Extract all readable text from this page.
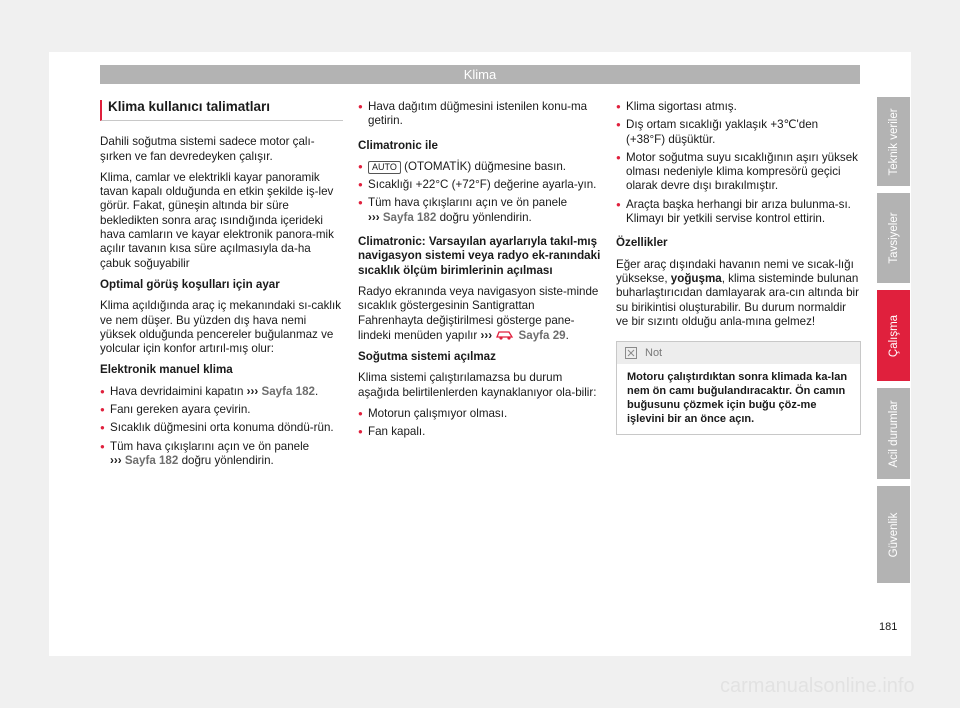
Klima
Klima kullanıcı talimatları

Dahili soğutma sistemi sadece motor çalı-şırken ve fan devredeyken çalışır.

Klima, camlar ve elektrikli kayar panoramik tavan kapalı olduğunda en etkin şekilde iş-lev görür. Fakat, güneşin altında bir süre bekledikten sonra araç ısındığında içerideki hava camların ve kayar elektronik panora-mik açılır tavanın kısa süre açılmasıyla da-ha çabuk soğuyabilir

Optimal görüş koşulları için ayar

Klima açıldığında araç iç mekanındaki sı-caklık ve nem düşer. Bu yüzden dış hava nemi yüksek olduğunda pencereler buğulanmaz ve yolcular için konfor artırıl-mış olur:

Elektronik manuel klima

● Hava devridaimini kapatın ››› Sayfa 182.
● Fanı gereken ayara çevirin.
● Sıcaklık düğmesini orta konuma döndü-rün.
● Tüm hava çıkışlarını açın ve ön panele
››› Sayfa 182 doğru yönlendirin.
● Hava dağıtım düğmesini istenilen konu-ma getirin.

Climatronic ile

● AUTO (OTOMATİK) düğmesine basın.
● Sıcaklığı +22°C (+72°F) değerine ayarla-yın.
● Tüm hava çıkışlarını açın ve ön panele
››› Sayfa 182 doğru yönlendirin.

Climatronic: Varsayılan ayarlarıyla takıl-mış navigasyon sistemi veya radyo ek-ranındaki sıcaklık ölçüm birimlerinin açılması

Radyo ekranında veya navigasyon siste-minde sıcaklık göstergesinin Santigrattan Fahrenhayta değiştirilmesi gösterge pane-lindeki menüden yapılır ››› Sayfa 29.

Soğutma sistemi açılmaz

Klima sistemi çalıştırılamazsa bu durum aşağıda belirtilenlerden kaynaklanıyor ola-bilir:

● Motorun çalışmıyor olması.
● Fan kapalı.
● Klima sigortası atmış.
● Dış ortam sıcaklığı yaklaşık +3℃'den (+38°F) düşüktür.
● Motor soğutma suyu sıcaklığının aşırı yüksek olması nedeniyle klima kompresörü geçici olarak devre dışı bırakılmıştır.
● Araçta başka herhangi bir arıza bulunma-sı. Klimayı bir yetkili servise kontrol ettirin.

Özellikler

Eğer araç dışındaki havanın nemi ve sıcak-lığı yüksekse, yoğuşma, klima sisteminde bulunan buharlaştırıcıdan damlayarak ara-cın altında bir su birikintisi oluşturabilir. Bu durum normaldir ve bir sızıntı olduğu anla-mına gelmez!

Not
Motoru çalıştırdıktan sonra klimada ka-lan nem ön camı buğulandıracaktır. Ön camın buğusunu çözmek için buğu çöz-me işlevini bir an önce açın.
Teknik veriler
Tavsiyeler
Çalışma
Acil durumlar
Güvenlik
181
carmanualsonline.info
